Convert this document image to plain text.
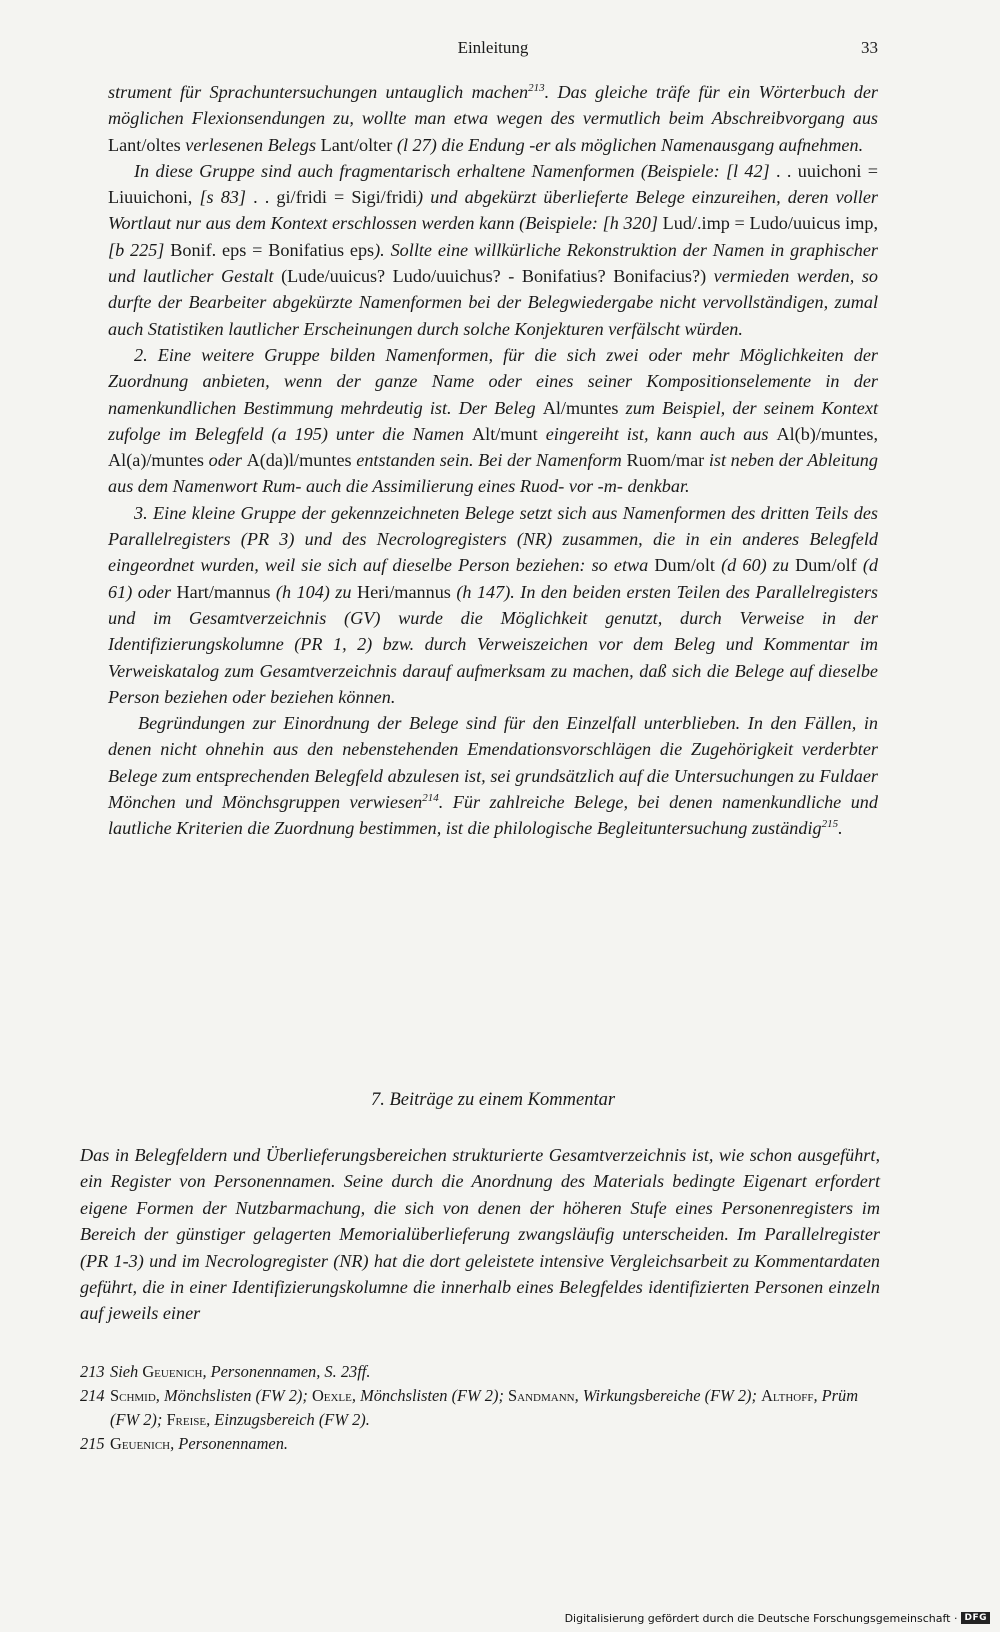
Einleitung	33

strument für Sprachuntersuchungen untauglich machen$^{213}$. Das gleiche träfe für ein Wörterbuch der möglichen Flexionsendungen zu, wollte man etwa wegen des vermutlich beim Abschreibvorgang aus Lant/oltes verlesenen Belegs Lant/olter (l 27) die Endung -er als möglichen Namenausgang aufnehmen.

In diese Gruppe sind auch fragmentarisch erhaltene Namenformen (Beispiele: [l 42] . . uuichoni = Liuuichoni, [s 83] . . gi/fridi = Sigi/fridi) und abgekürzt überlieferte Belege einzureihen, deren voller Wortlaut nur aus dem Kontext erschlossen werden kann (Beispiele: [h 320] Lud/.imp = Ludo/uuicus imp, [b 225] Bonif. eps = Bonifatius eps). Sollte eine willkürliche Rekonstruktion der Namen in graphischer und lautlicher Gestalt (Lude/uuicus? Ludo/uuichus? - Bonifatius? Bonifacius?) vermieden werden, so durfte der Bearbeiter abgekürzte Namenformen bei der Belegwiedergabe nicht vervollständigen, zumal auch Statistiken lautlicher Erscheinungen durch solche Konjekturen verfälscht würden.

2. Eine weitere Gruppe bilden Namenformen, für die sich zwei oder mehr Möglichkeiten der Zuordnung anbieten, wenn der ganze Name oder eines seiner Kompositionselemente in der namenkundlichen Bestimmung mehrdeutig ist. Der Beleg Al/muntes zum Beispiel, der seinem Kontext zufolge im Belegfeld (a 195) unter die Namen Alt/munt eingereiht ist, kann auch aus Al(b)/muntes, Al(a)/muntes oder A(da)l/muntes entstanden sein. Bei der Namenform Ruom/mar ist neben der Ableitung aus dem Namenwort Rum- auch die Assimilierung eines Ruod- vor -m- denkbar.

3. Eine kleine Gruppe der gekennzeichneten Belege setzt sich aus Namenformen des dritten Teils des Parallelregisters (PR 3) und des Necrologregisters (NR) zusammen, die in ein anderes Belegfeld eingeordnet wurden, weil sie sich auf dieselbe Person beziehen: so etwa Dum/olt (d 60) zu Dum/olf (d 61) oder Hart/mannus (h 104) zu Heri/mannus (h 147). In den beiden ersten Teilen des Parallelregisters und im Gesamtverzeichnis (GV) wurde die Möglichkeit genutzt, durch Verweise in der Identifizierungskolumne (PR 1, 2) bzw. durch Verweiszeichen vor dem Beleg und Kommentar im Verweiskatalog zum Gesamtverzeichnis darauf aufmerksam zu machen, daß sich die Belege auf dieselbe Person beziehen oder beziehen können.

Begründungen zur Einordnung der Belege sind für den Einzelfall unterblieben. In den Fällen, in denen nicht ohnehin aus den nebenstehenden Emendationsvorschlägen die Zugehörigkeit verderbter Belege zum entsprechenden Belegfeld abzulesen ist, sei grundsätzlich auf die Untersuchungen zu Fuldaer Mönchen und Mönchsgruppen verwiesen$^{214}$. Für zahlreiche Belege, bei denen namenkundliche und lautliche Kriterien die Zuordnung bestimmen, ist die philologische Begleituntersuchung zuständig$^{215}$.

7. Beiträge zu einem Kommentar

Das in Belegfeldern und Überlieferungsbereichen strukturierte Gesamtverzeichnis ist, wie schon ausgeführt, ein Register von Personennamen. Seine durch die Anordnung des Materials bedingte Eigenart erfordert eigene Formen der Nutzbarmachung, die sich von denen der höheren Stufe eines Personenregisters im Bereich der günstiger gelagerten Memorialüberlieferung zwangsläufig unterscheiden. Im Parallelregister (PR 1-3) und im Necrologregister (NR) hat die dort geleistete intensive Vergleichsarbeit zu Kommentardaten geführt, die in einer Identifizierungskolumne die innerhalb eines Belegfeldes identifizierten Personen einzeln auf jeweils einer

213 Sieh Geuenich, Personennamen, S. 23ff.
214 Schmid, Mönchslisten (FW 2); Oexle, Mönchslisten (FW 2); Sandmann, Wirkungsbereiche (FW 2); Althoff, Prüm (FW 2); Freise, Einzugsbereich (FW 2).
215 Geuenich, Personennamen.
Digitalisierung gefördert durch die Deutsche Forschungsgemeinschaft · DFG
